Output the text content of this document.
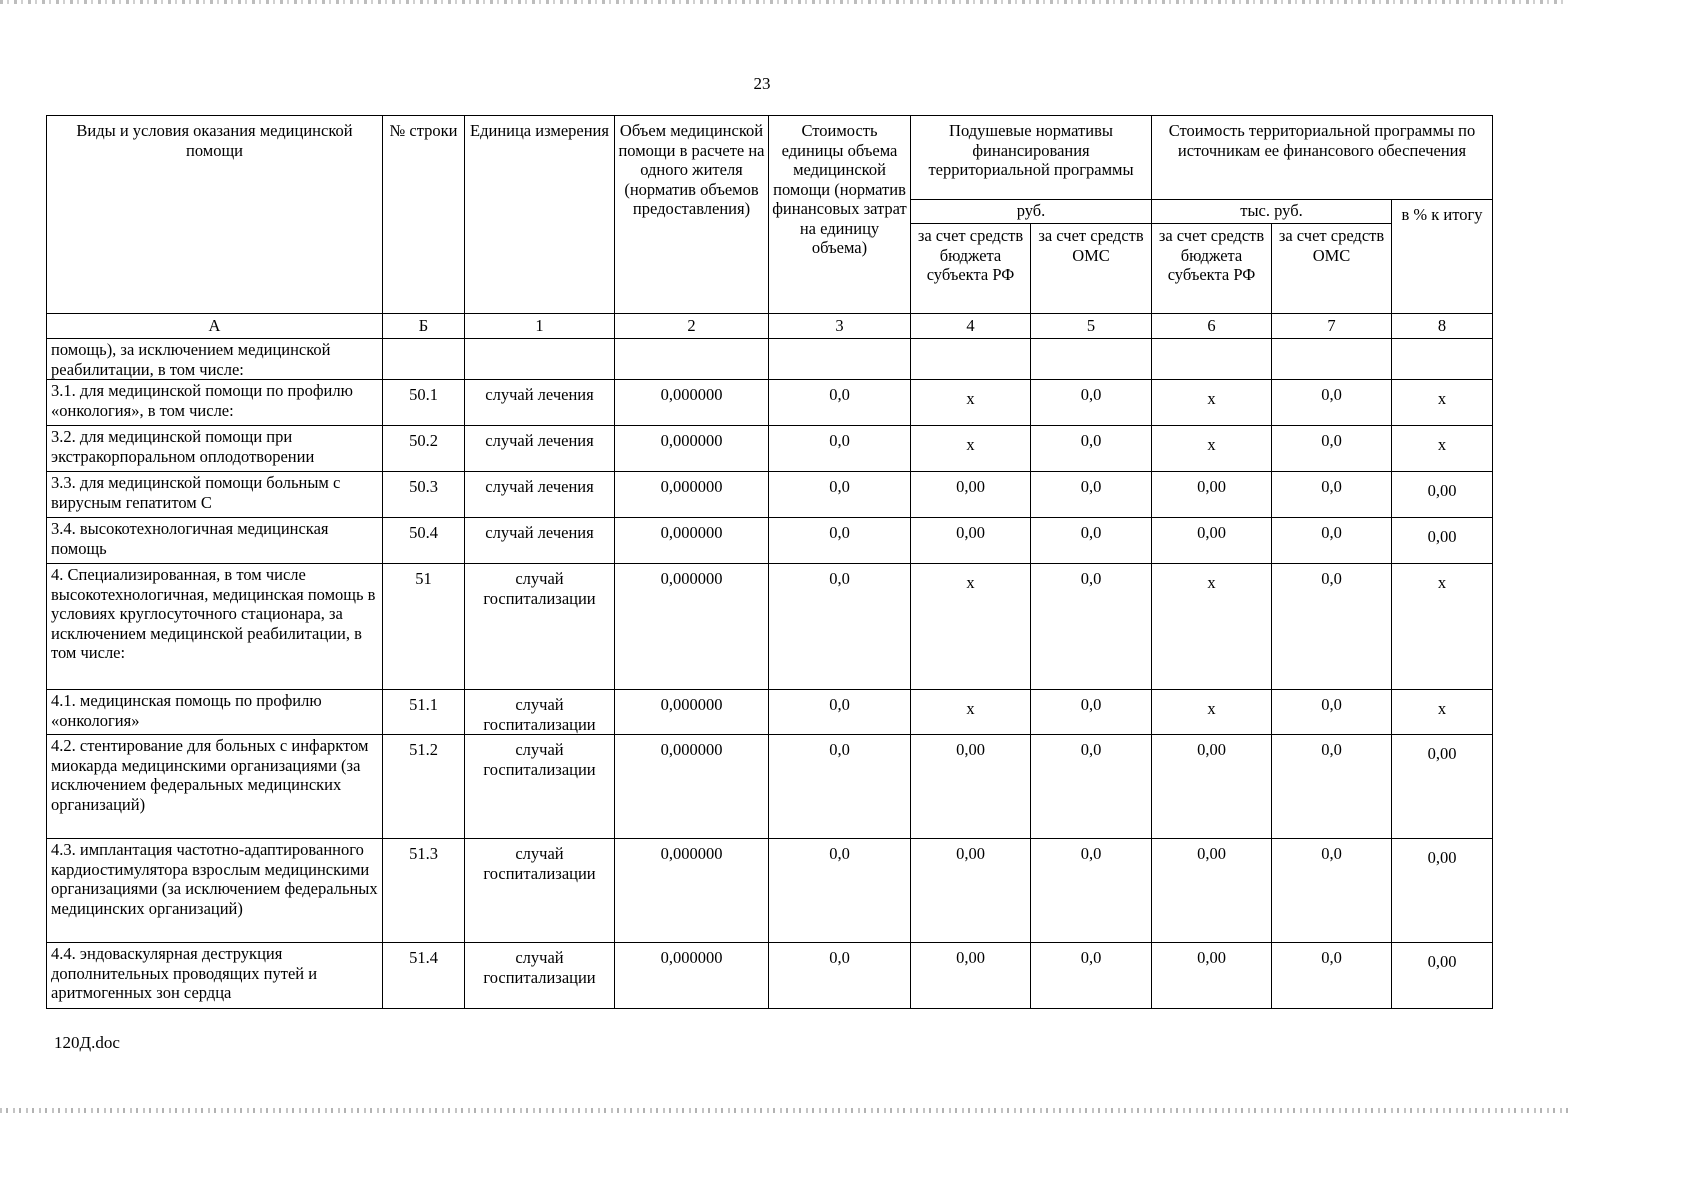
23
Виды и условия оказания медицинской помощи	№ строки	Единица измерения	Объем медицинской помощи в расчете на одного жителя (норматив объемов предоставления)	Стоимость единицы объема медицинской помощи (норматив финансовых затрат на единицу объема)	Подушевые нормативы финансирования территориальной программы		Стоимость территориальной программы по источникам ее финансового обеспечения		
					руб.		тыс. руб.		в % к итогу
					за счет средств бюджета субъекта РФ	за счет средств ОМС	за счет средств бюджета субъекта РФ	за счет средств ОМС	
А	Б	1	2	3	4	5	6	7	8
помощь), за исключением медицинской реабилитации, в том числе:									
3.1. для медицинской помощи по профилю «онкология», в том числе:	50.1	случай лечения	0,000000	0,0	x	0,0	x	0,0	x
3.2. для медицинской помощи при экстракорпоральном оплодотворении	50.2	случай лечения	0,000000	0,0	x	0,0	x	0,0	x
3.3. для медицинской помощи больным с вирусным гепатитом С	50.3	случай лечения	0,000000	0,0	0,00	0,0	0,00	0,0	0,00
3.4. высокотехнологичная медицинская помощь	50.4	случай лечения	0,000000	0,0	0,00	0,0	0,00	0,0	0,00
4. Специализированная, в том числе высокотехнологичная, медицинская помощь в условиях круглосуточного стационара, за исключением медицинской реабилитации, в том числе:	51	случай госпитализации	0,000000	0,0	x	0,0	x	0,0	x
4.1. медицинская помощь по профилю «онкология»	51.1	случай госпитализации	0,000000	0,0	x	0,0	x	0,0	x
4.2. стентирование для больных с инфарктом миокарда медицинскими организациями (за исключением федеральных медицинских организаций)	51.2	случай госпитализации	0,000000	0,0	0,00	0,0	0,00	0,0	0,00
4.3. имплантация частотно-адаптированного кардиостимулятора взрослым медицинскими организациями (за исключением федеральных медицинских организаций)	51.3	случай госпитализации	0,000000	0,0	0,00	0,0	0,00	0,0	0,00
4.4. эндоваскулярная деструкция дополнительных проводящих путей и аритмогенных зон сердца	51.4	случай госпитализации	0,000000	0,0	0,00	0,0	0,00	0,0	0,00
120Д.doc
